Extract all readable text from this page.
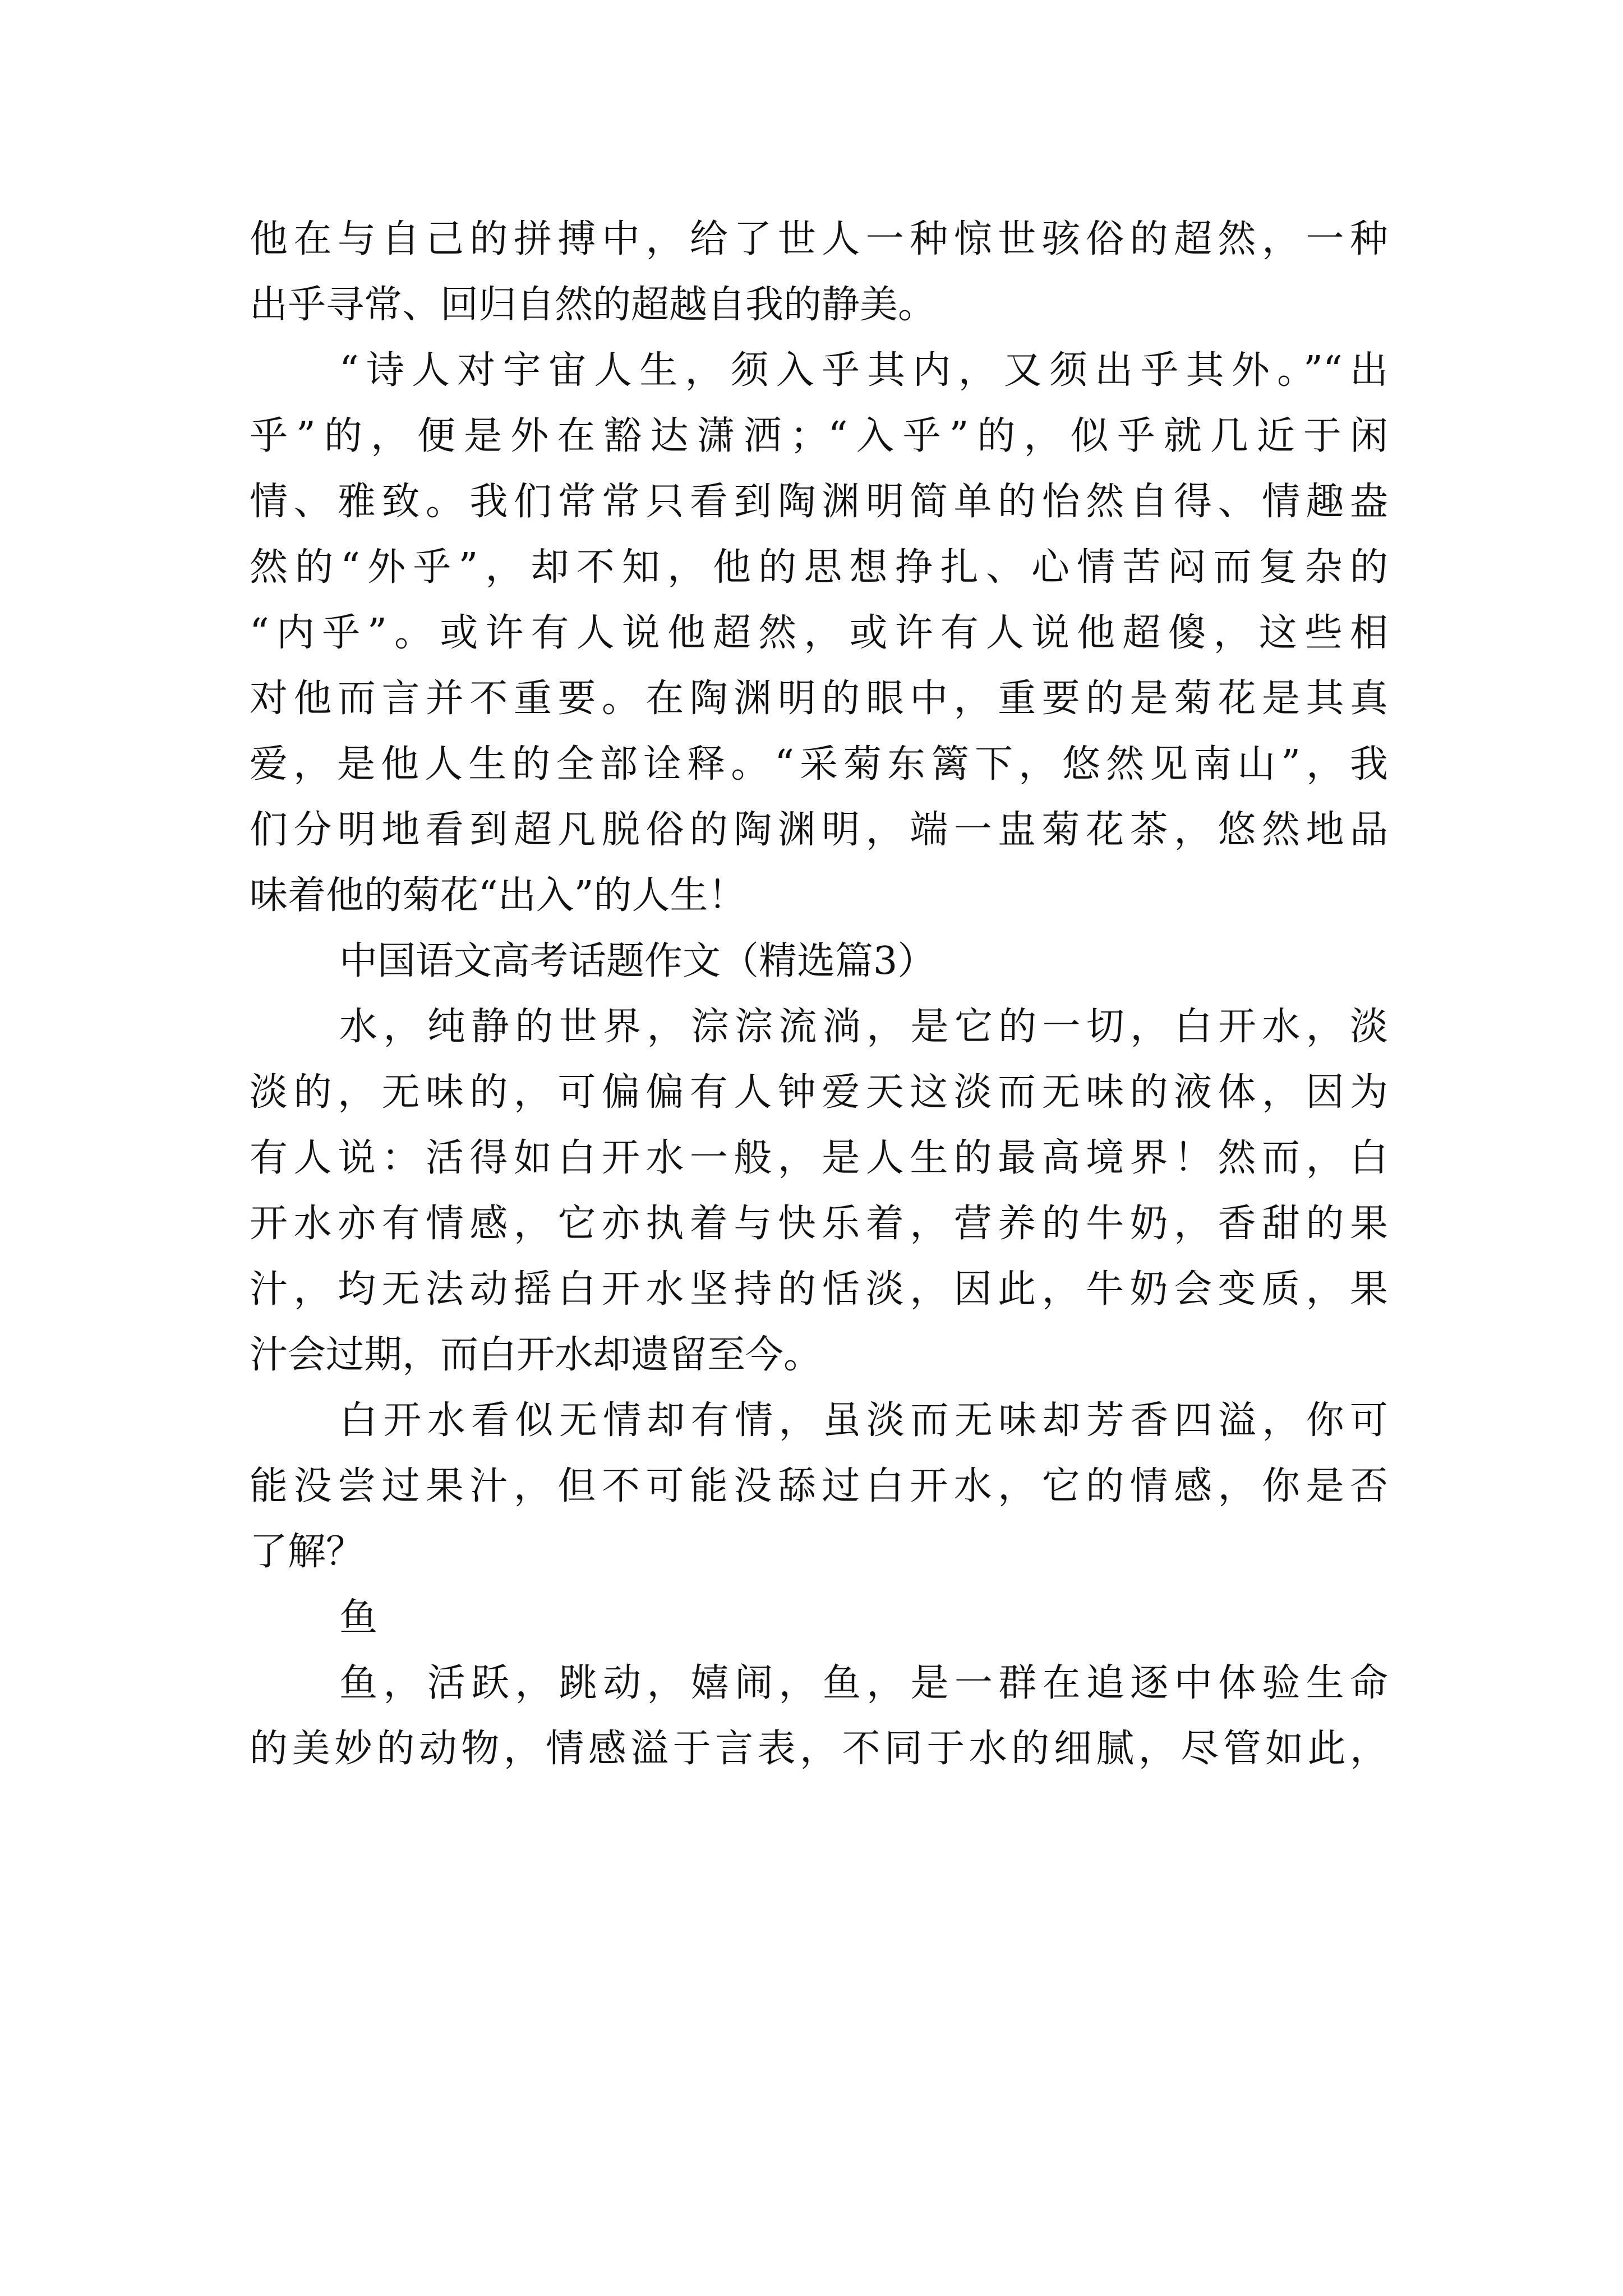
他在与自己的拼搏中，给了世人一种惊世骇俗的超然，一种

出乎寻常、回归自然的超越自我的静美。

“诗人对宇宙人生，须入乎其内，又须出乎其外。”“出

乎”的，便是外在豁达潇洒；“入乎”的，似乎就几近于闲

情、雅致。我们常常只看到陶渊明简单的怡然自得、情趣盎

然的“外乎”，却不知，他的思想挣扎、心情苦闷而复杂的

“内乎”。或许有人说他超然，或许有人说他超傻，这些相

对他而言并不重要。在陶渊明的眼中，重要的是菊花是其真

爱，是他人生的全部诠释。“采菊东篱下，悠然见南山”，我

们分明地看到超凡脱俗的陶渊明，端一盅菊花茶，悠然地品

味着他的菊花“出入”的人生！

中国语文高考话题作文（精选篇3）

水，纯静的世界，淙淙流淌，是它的一切，白开水，淡

淡的，无味的，可偏偏有人钟爱天这淡而无味的液体，因为

有人说：活得如白开水一般，是人生的最高境界！然而，白

开水亦有情感，它亦执着与快乐着，营养的牛奶，香甜的果

汁，均无法动摇白开水坚持的恬淡，因此，牛奶会变质，果

汁会过期，而白开水却遗留至今。

白开水看似无情却有情，虽淡而无味却芳香四溢，你可

能没尝过果汁，但不可能没舔过白开水，它的情感，你是否

了解？

鱼

鱼，活跃，跳动，嬉闹，鱼，是一群在追逐中体验生命

的美妙的动物，情感溢于言表，不同于水的细腻，尽管如此，
